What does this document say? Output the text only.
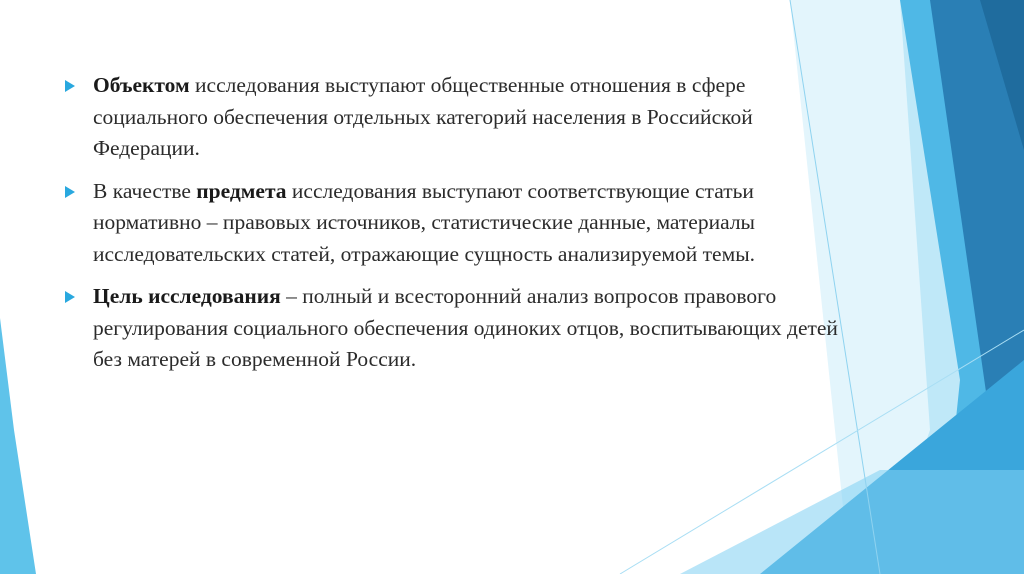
Объектом исследования выступают общественные отношения в сфере социального обеспечения отдельных категорий населения в Российской Федерации.
В качестве предмета исследования выступают соответствующие статьи нормативно – правовых источников, статистические данные, материалы исследовательских статей, отражающие сущность анализируемой темы.
Цель исследования – полный и всесторонний анализ вопросов правового регулирования социального обеспечения одиноких отцов, воспитывающих детей без матерей в современной России.
